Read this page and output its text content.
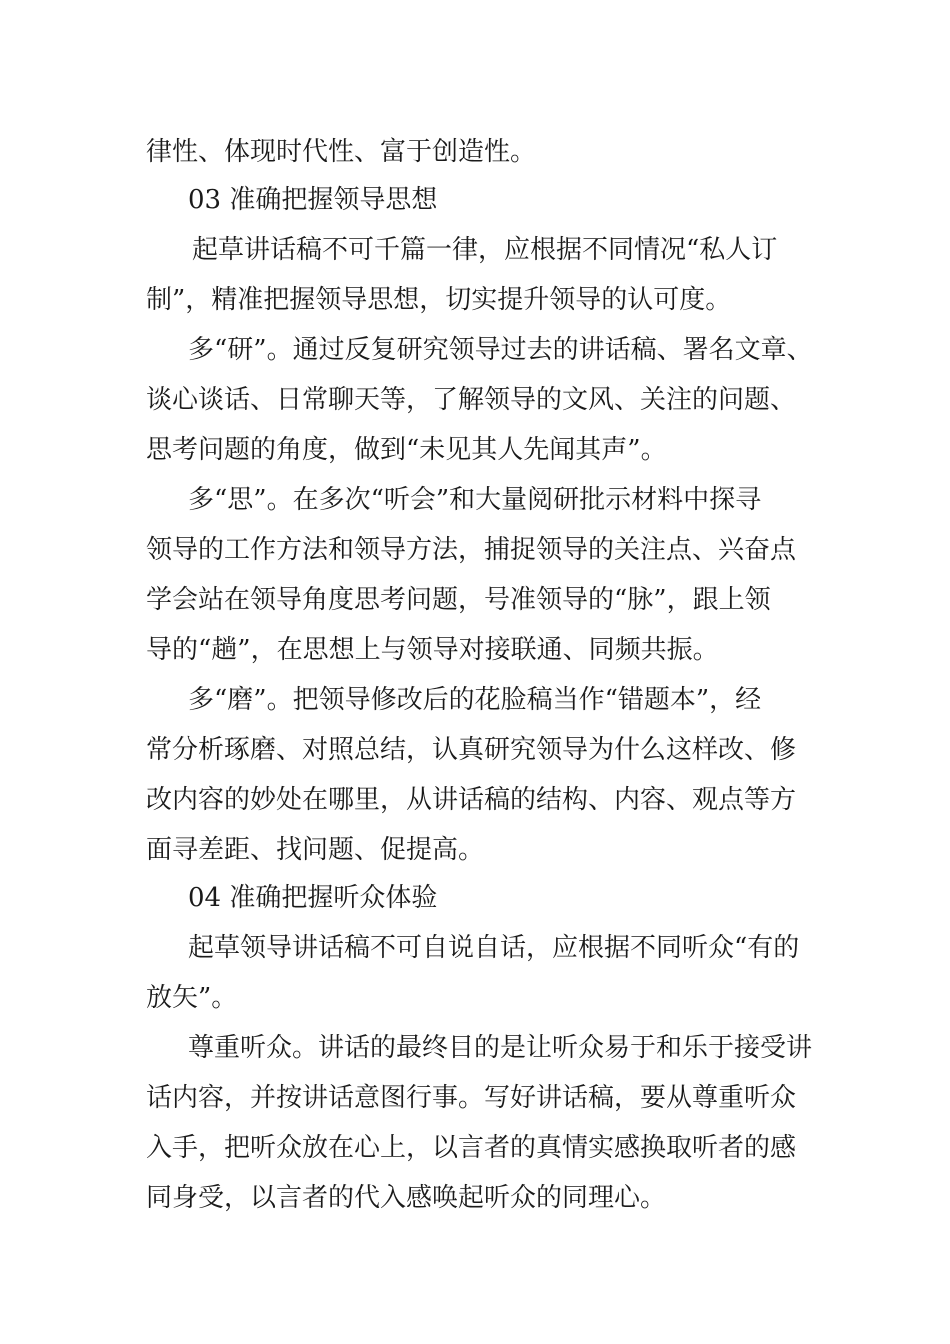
律性、体现时代性、富于创造性。
03 准确把握领导思想
起草讲话稿不可千篇一律，应根据不同情况“私人订
制”，精准把握领导思想，切实提升领导的认可度。
多“研”。通过反复研究领导过去的讲话稿、署名文章、
谈心谈话、日常聊天等，了解领导的文风、关注的问题、
思考问题的角度，做到“未见其人先闻其声”。
多“思”。在多次“听会”和大量阅研批示材料中探寻
领导的工作方法和领导方法，捕捉领导的关注点、兴奋点
学会站在领导角度思考问题，号准领导的“脉”，跟上领
导的“趟”，在思想上与领导对接联通、同频共振。
多“磨”。把领导修改后的花脸稿当作“错题本”，经
常分析琢磨、对照总结，认真研究领导为什么这样改、修
改内容的妙处在哪里，从讲话稿的结构、内容、观点等方
面寻差距、找问题、促提高。
04 准确把握听众体验
起草领导讲话稿不可自说自话，应根据不同听众“有的
放矢”。
尊重听众。讲话的最终目的是让听众易于和乐于接受讲
话内容，并按讲话意图行事。写好讲话稿，要从尊重听众
入手，把听众放在心上，以言者的真情实感换取听者的感
同身受，以言者的代入感唤起听众的同理心。
